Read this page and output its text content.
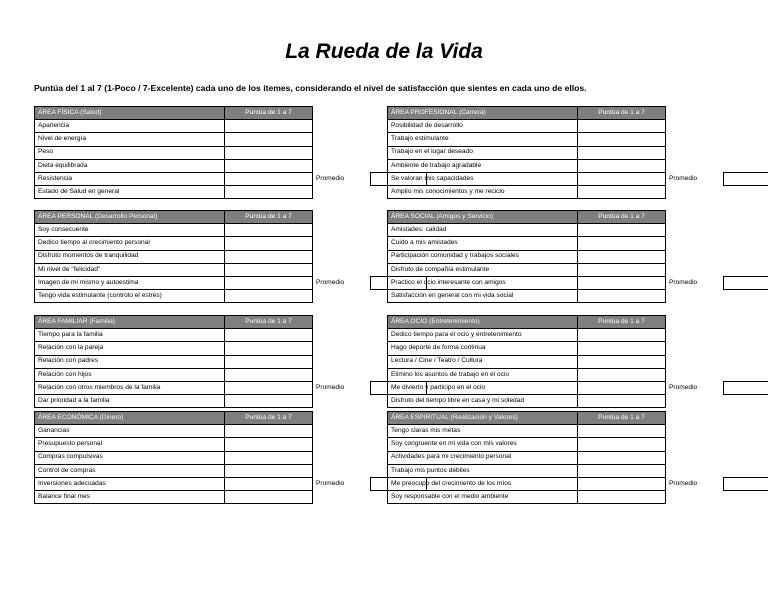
La Rueda de la Vida
Puntúa del 1 al 7 (1-Poco / 7-Excelente) cada uno de los ítemes, considerando el nivel de satisfacción que sientes en cada uno de ellos.
ÁREA FÍSICA (Salud)	Puntúa de 1 a 7		
Apariencia			
Nivel de energía			
Peso			
Dieta equilibrada			
Resistencia		Promedio	
Estado de Salud en general			
ÁREA PROFESIONAL (Carrera)	Puntúa de 1 a 7		
Posibilidad de desarrollo			
Trabajo estimulante			
Trabajo en el lugar deseado			
Ambiente de trabajo agradable			
Se valoran mis capacidades		Promedio	
Amplío mis conocimientos y me reciclo			
ÁREA PERSONAL (Desarrollo Personal)	Puntúa de 1 a 7		
Soy consecuente			
Dedico tiempo al crecimiento personal			
Disfruto momentos de tranquilidad			
Mi nivel de "felicidad"			
Imagen de mi mismo y autoestima		Promedio	
Tengo vida estimulante (controlo el estrés)			
ÁREA SOCIAL (Amigos y Servicio)	Puntúa de 1 a 7		
Amistades: calidad			
Cuido a mis amistades			
Participación comunidad y trabajos sociales			
Disfruto de compañía estimulante			
Practico el ocio interesante con amigos		Promedio	
Satisfacción en general con mi vida social			
ÁREA FAMILIAR (Familia)	Puntúa de 1 a 7		
Tiempo para la familia			
Relación con la pareja			
Relación con padres			
Relación con hijos			
Relación con otros miembros de la familia		Promedio	
Dar prioridad a la familia			
ÁREA OCIO (Entretenimiento)	Puntúa de 1 a 7		
Dedico tiempo para el ocio y entretenimiento			
Hago deporte de forma continua			
Lectura / Cine / Teatro / Cultura			
Elimino los asuntos de trabajo en el ocio			
Me divierto y participo en el ocio		Promedio	
Disfruto del tiempo libre en casa y mi soledad			
ÁREA ECONÓMICA (Dinero)	Puntúa de 1 a 7		
Ganancias			
Presupuesto personal			
Compras compulsivas			
Control de compras			
Inversiones adecuadas		Promedio	
Balance final mes			
ÁREA ESPIRITUAL (Realización y Valores)	Puntúa de 1 a 7		
Tengo claras mis metas			
Soy congruente en mi vida con mis valores			
Actividades para mi crecimiento personal			
Trabajo mis puntos débiles			
Me preocupo del crecimiento de los míos		Promedio	
Soy responsable con el medio ambiente			
